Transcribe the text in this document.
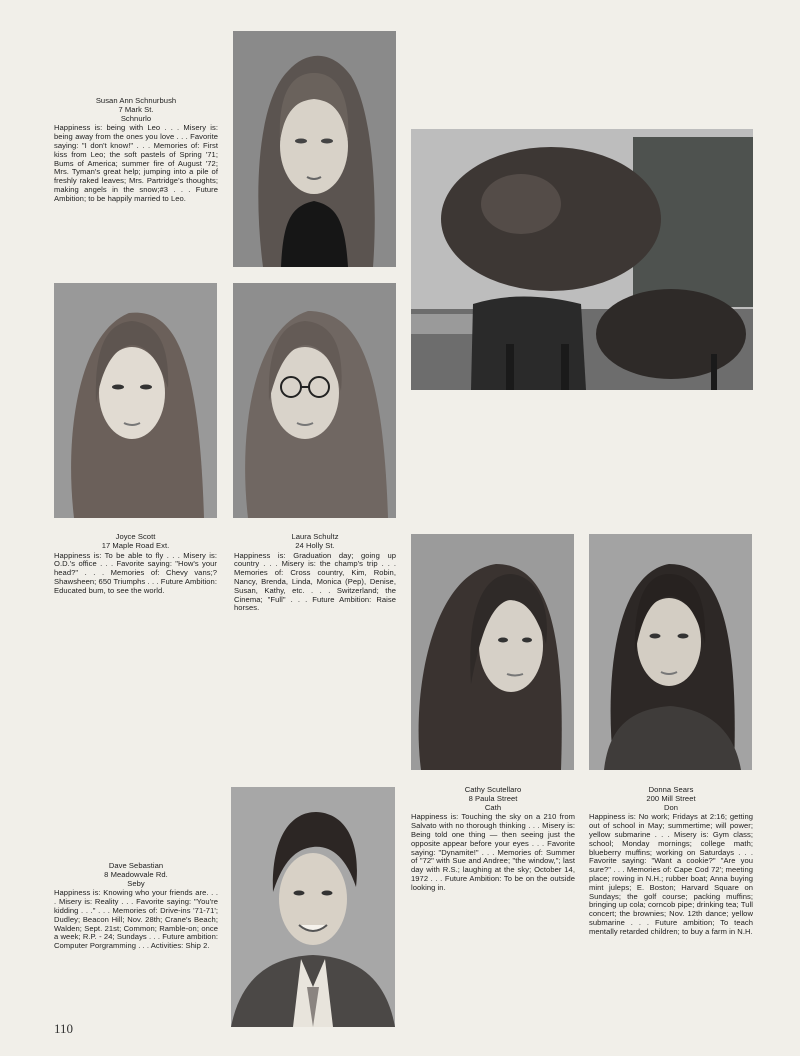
Susan Ann Schnurbush
7 Mark St.
Schnurlo
Happiness is: being with Leo . . . Misery is: being away from the ones you love . . . Favorite saying: "I don't know!" . . . Memories of: First kiss from Leo; the soft pastels of Spring '71; Bums of America; summer fire of August '72; Mrs. Tyman's great help; jumping into a pile of freshly raked leaves; Mrs. Partridge's thoughts; making angels in the snow;#3 . . . Future Ambition; to be happily married to Leo.
Joyce Scott
17 Maple Road Ext.
Happiness is: To be able to fly . . . Misery is: O.D.'s office . . . Favorite saying: "How's your head?" . . . Memories of: Chevy vans;? Shawsheen; 650 Triumphs . . . Future Ambition: Educated bum, to see the world.
Laura Schultz
24 Holly St.
Happiness is: Graduation day; going up country . . . Misery is: the champ's trip . . . Memories of: Cross country, Kim, Robin, Nancy, Brenda, Linda, Monica (Pep), Denise, Susan, Kathy, etc. . . . Switzerland; the Cinema; "Full" . . . Future Ambition: Raise horses.
Cathy Scutellaro
8 Paula Street
Cath
Happiness is: Touching the sky on a 210 from Salvato with no thorough thinking . . . Misery is: Being told one thing — then seeing just the opposite appear before your eyes . . . Favorite saying: "Dynamite!" . . . Memories of: Summer of "72" with Sue and Andree; "the window,"; last day with R.S.; laughing at the sky; October 14, 1972 . . . Future Ambition: To be on the outside looking in.
Donna Sears
200 Mill Street
Don
Happiness is: No work; Fridays at 2:16; getting out of school in May; summertime; will power; yellow submarine . . . Misery is: Gym class; school; Monday mornings; college math; blueberry muffins; working on Saturdays . . . Favorite saying: "Want a cookie?" "Are you sure?" . . . Memories of: Cape Cod 72'; meeting place; rowing in N.H.; rubber boat; Anna buying mint juleps; E. Boston; Harvard Square on Sundays; the golf course; packing muffins; bringing up cola; corncob pipe; drinking tea; Tull concert; the brownies; Nov. 12th dance; yellow submarine . . . Future ambition; To teach mentally retarded children; to buy a farm in N.H.
Dave Sebastian
8 Meadowvale Rd.
Seby
Happiness is: Knowing who your friends are. . . . Misery is: Reality . . . Favorite saying: "You're kidding . . ." . . . Memories of: Drive-ins '71-71'; Dudley; Beacon Hill; Nov. 28th; Crane's Beach; Walden; Sept. 21st; Common; Ramble-on; once a week; R.P. - 24; Sundays . . . Future ambition: Computer Porgramming . . . Activities: Ship 2.
110
